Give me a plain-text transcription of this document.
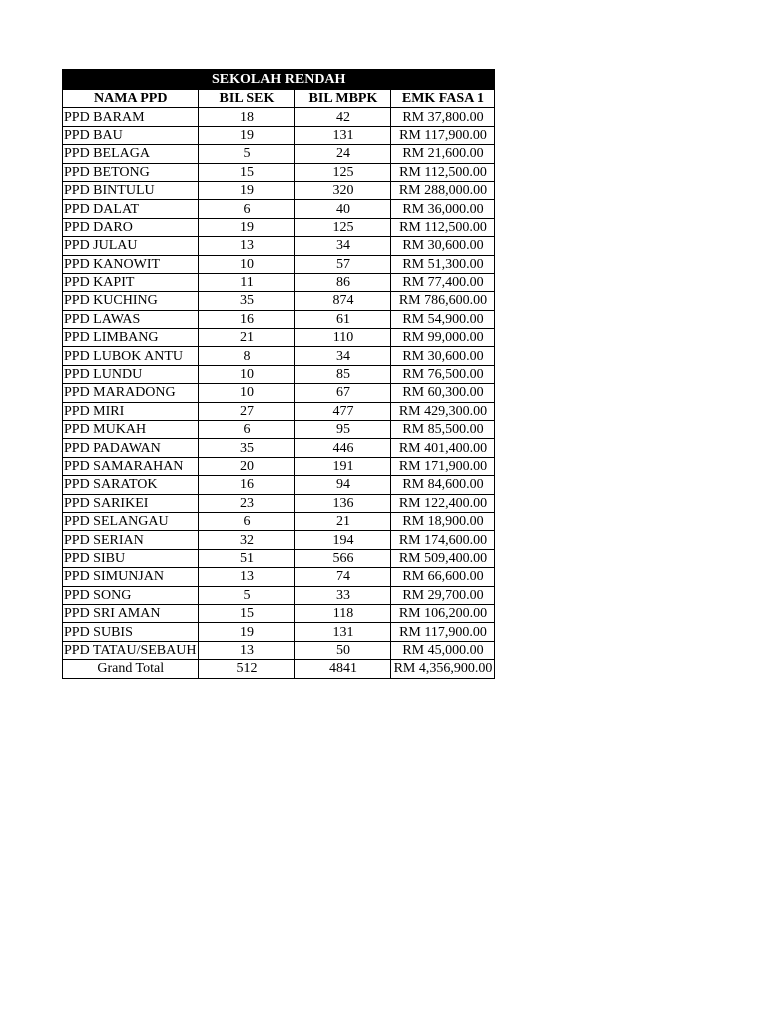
SEKOLAH RENDAH			
NAMA PPD	BIL SEK	BIL MBPK	EMK FASA 1
PPD BARAM	18	42	RM 37,800.00
PPD BAU	19	131	RM 117,900.00
PPD BELAGA	5	24	RM 21,600.00
PPD BETONG	15	125	RM 112,500.00
PPD BINTULU	19	320	RM 288,000.00
PPD DALAT	6	40	RM 36,000.00
PPD DARO	19	125	RM 112,500.00
PPD JULAU	13	34	RM 30,600.00
PPD KANOWIT	10	57	RM 51,300.00
PPD KAPIT	11	86	RM 77,400.00
PPD KUCHING	35	874	RM 786,600.00
PPD LAWAS	16	61	RM 54,900.00
PPD LIMBANG	21	110	RM 99,000.00
PPD LUBOK ANTU	8	34	RM 30,600.00
PPD LUNDU	10	85	RM 76,500.00
PPD MARADONG	10	67	RM 60,300.00
PPD MIRI	27	477	RM 429,300.00
PPD MUKAH	6	95	RM 85,500.00
PPD PADAWAN	35	446	RM 401,400.00
PPD SAMARAHAN	20	191	RM 171,900.00
PPD SARATOK	16	94	RM 84,600.00
PPD SARIKEI	23	136	RM 122,400.00
PPD SELANGAU	6	21	RM 18,900.00
PPD SERIAN	32	194	RM 174,600.00
PPD SIBU	51	566	RM 509,400.00
PPD SIMUNJAN	13	74	RM 66,600.00
PPD SONG	5	33	RM 29,700.00
PPD SRI AMAN	15	118	RM 106,200.00
PPD SUBIS	19	131	RM 117,900.00
PPD TATAU/SEBAUH	13	50	RM 45,000.00
Grand Total	512	4841	RM 4,356,900.00
